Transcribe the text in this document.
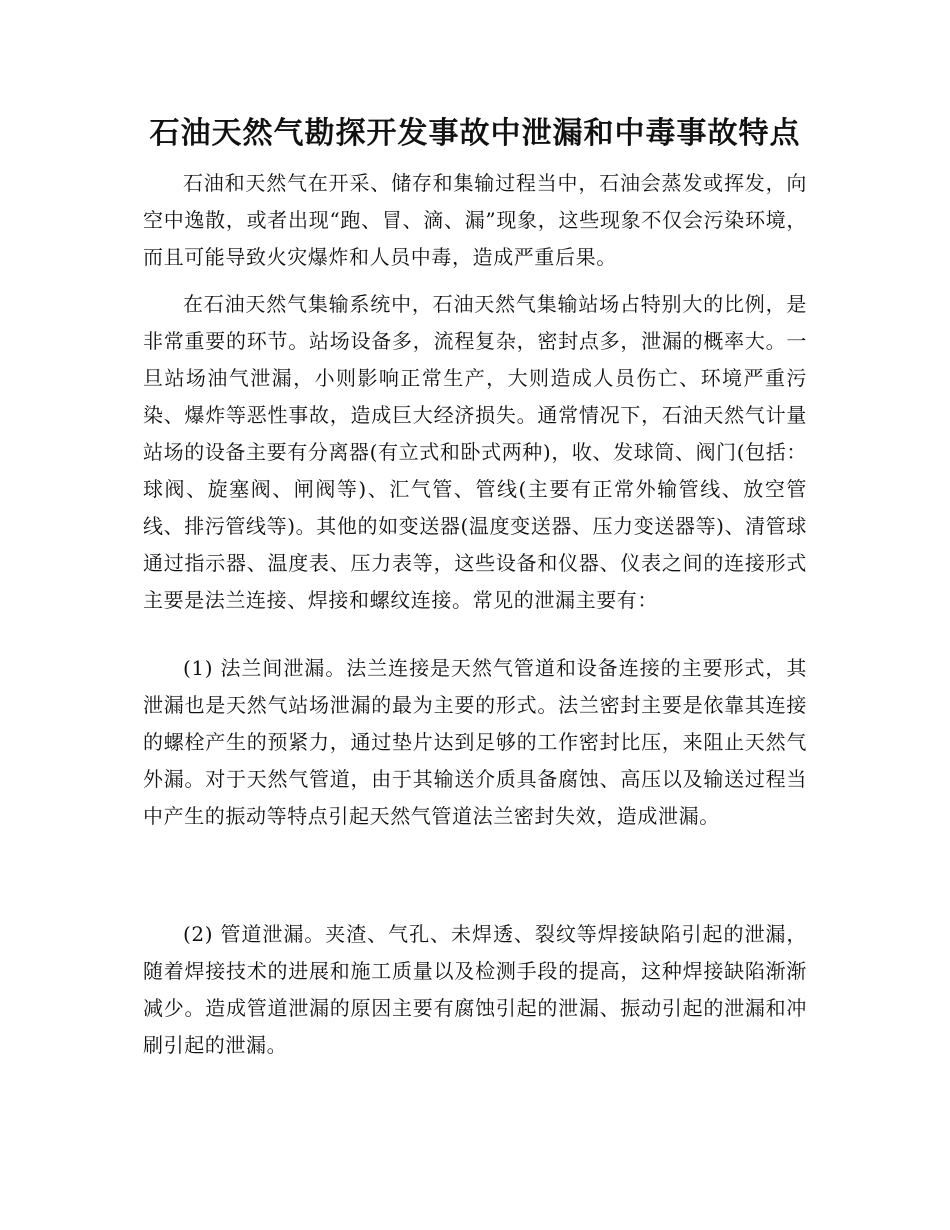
石油天然气勘探开发事故中泄漏和中毒事故特点

石油和天然气在开采、储存和集输过程当中，石油会蒸发或挥发，向空中逸散，或者出现“跑、冒、滴、漏”现象，这些现象不仅会污染环境，而且可能导致火灾爆炸和人员中毒，造成严重后果。

在石油天然气集输系统中，石油天然气集输站场占特别大的比例，是非常重要的环节。站场设备多，流程复杂，密封点多，泄漏的概率大。一旦站场油气泄漏，小则影响正常生产，大则造成人员伤亡、环境严重污染、爆炸等恶性事故，造成巨大经济损失。通常情况下，石油天然气计量站场的设备主要有分离器(有立式和卧式两种)，收、发球筒、阀门(包括：球阀、旋塞阀、闸阀等)、汇气管、管线(主要有正常外输管线、放空管线、排污管线等)。其他的如变送器(温度变送器、压力变送器等)、清管球通过指示器、温度表、压力表等，这些设备和仪器、仪表之间的连接形式主要是法兰连接、焊接和螺纹连接。常见的泄漏主要有：

(1) 法兰间泄漏。法兰连接是天然气管道和设备连接的主要形式，其泄漏也是天然气站场泄漏的最为主要的形式。法兰密封主要是依靠其连接的螺栓产生的预紧力，通过垫片达到足够的工作密封比压，来阻止天然气外漏。对于天然气管道，由于其输送介质具备腐蚀、高压以及输送过程当中产生的振动等特点引起天然气管道法兰密封失效，造成泄漏。

(2) 管道泄漏。夹渣、气孔、未焊透、裂纹等焊接缺陷引起的泄漏，随着焊接技术的进展和施工质量以及检测手段的提高，这种焊接缺陷渐渐减少。造成管道泄漏的原因主要有腐蚀引起的泄漏、振动引起的泄漏和冲刷引起的泄漏。
